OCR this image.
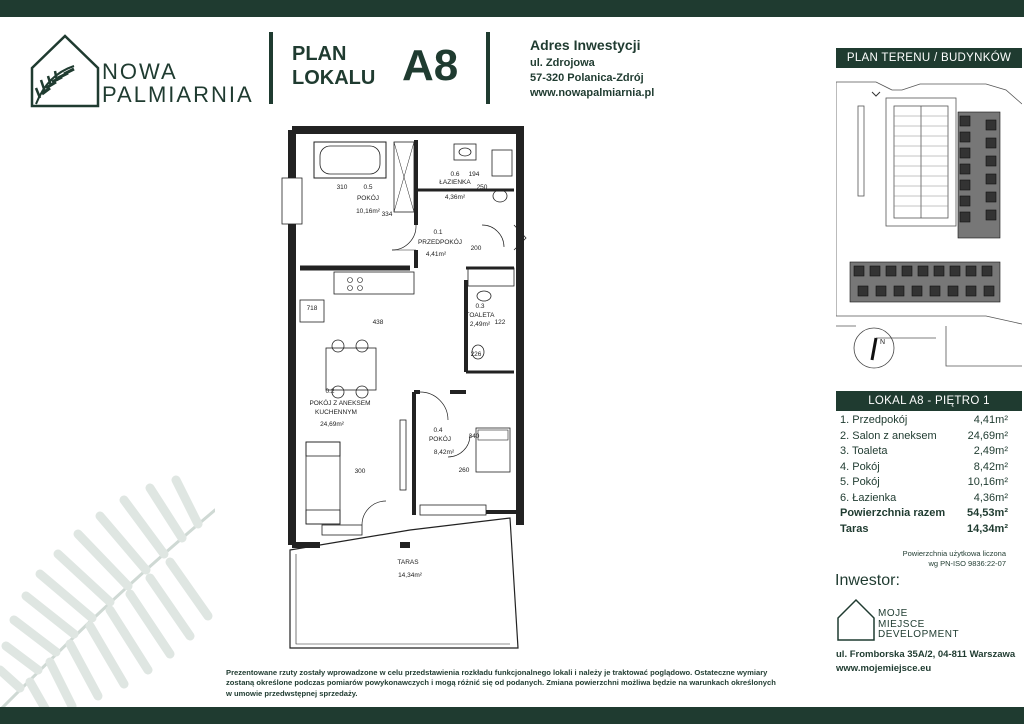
NOWA
PALMIARNIA
PLAN
LOKALU A8	Adres Inwestycji
ul. Zdrojowa
57-320 Polanica-Zdrój
www.nowapalmiarnia.pl
PLAN TERENU / BUDYNKÓW
N
LOKAL A8 - PIĘTRO 1
1. Przedpokój	4,41m²
2. Salon z aneksem	24,69m²
3. Toaleta	2,49m²
4. Pokój	8,42m²
5. Pokój	10,16m²
6. Łazienka	4,36m²
Powierzchnia razem 54,53m²
Taras	14,34m²
Powierzchnia użytkowa liczona
wg PN-ISO 9836:22-07
Inwestor:
MOJE
MIEJSCE
DEVELOPMENT
ul. Fromborska 35A/2, 04-811 Warszawa
www.mojemiejsce.eu
310 0.5
POKÓJ
10,16m² 334
0.6
ŁAZIENKA
4,36m²
250
194
0.1
PRZEDPOKÓJ
4,41m²
200
0.3
TOALETA
2,49m² 122
226
718
438
0.2
POKÓJ Z ANEKSEM
KUCHENNYM
24,69m²
300
0.4
POKÓJ
8,42m²
340
260
TARAS
14,34m²
Prezentowane rzuty zostały wprowadzone w celu przedstawienia rozkładu funkcjonalnego lokali i należy je traktować poglądowo. Ostateczne wymiary
zostaną określone podczas pomiarów powykonawczych i mogą różnić się od podanych. Zmiana powierzchni możliwa będzie na warunkach określonych
w umowie przedwstępnej sprzedaży.
